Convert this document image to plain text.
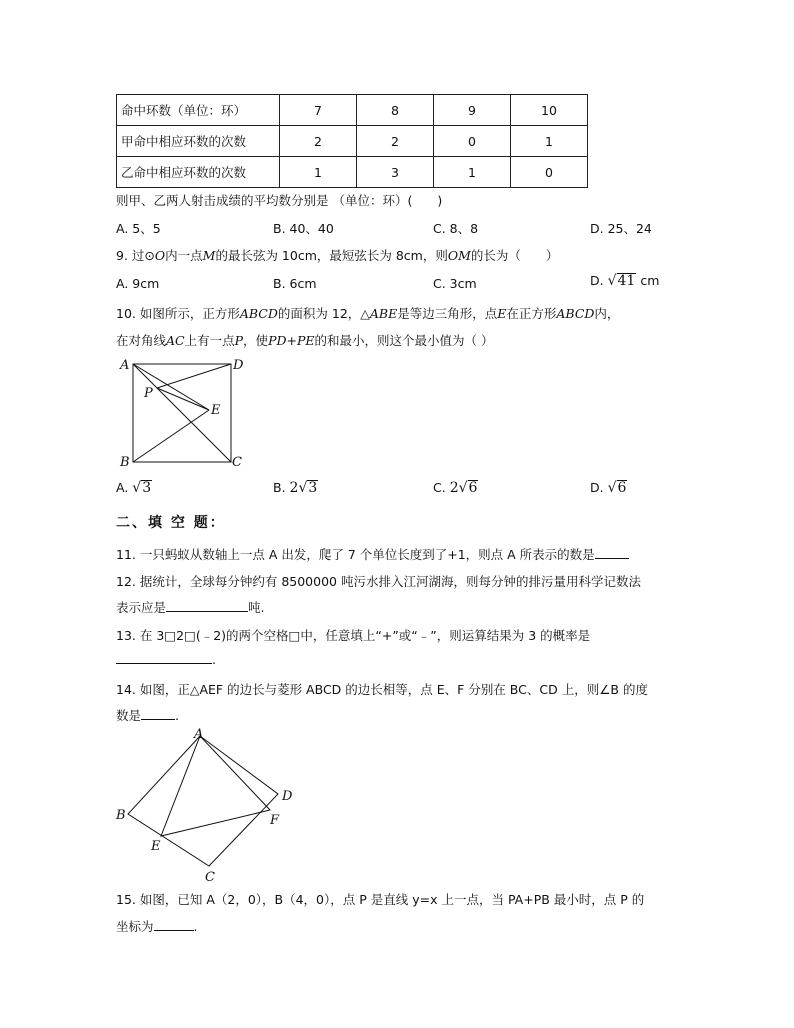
命中环数（单位：环）	7	8	9	10
甲命中相应环数的次数	2	2	0	1
乙命中相应环数的次数	1	3	1	0
则甲、乙两人射击成绩的平均数分别是 （单位：环）(　　)
A. 5、5	B. 40、40	C. 8、8	D. 25、24
9. 过⊙O内一点M的最长弦为 10cm，最短弦长为 8cm，则OM的长为（　　）
A. 9cm	B. 6cm	C. 3cm	D. √41 cm
10. 如图所示，正方形ABCD的面积为 12，△ABE是等边三角形，点E在正方形ABCD内，
在对角线AC上有一点P，使PD+PE的和最小，则这个最小值为（ ）
A	D
B	C
P
E
A. √3	B. 2√3	C. 2√6	D. √6
二、填 空 题：
11. 一只蚂蚁从数轴上一点 A 出发，爬了 7 个单位长度到了+1，则点 A 所表示的数是
12. 据统计，全球每分钟约有 8500000 吨污水排入江河湖海，则每分钟的排污量用科学记数法
表示应是	吨.
13. 在 3□2□(﹣2)的两个空格□中，任意填上“+”或“﹣”，则运算结果为 3 的概率是
.
14. 如图，正△AEF 的边长与菱形 ABCD 的边长相等，点 E、F 分别在 BC、CD 上，则∠B 的度
数是	.
A
B
C
D
E
F
15. 如图，已知 A（2，0），B（4，0），点 P 是直线 y=x 上一点，当 PA+PB 最小时，点 P 的
坐标为	.
